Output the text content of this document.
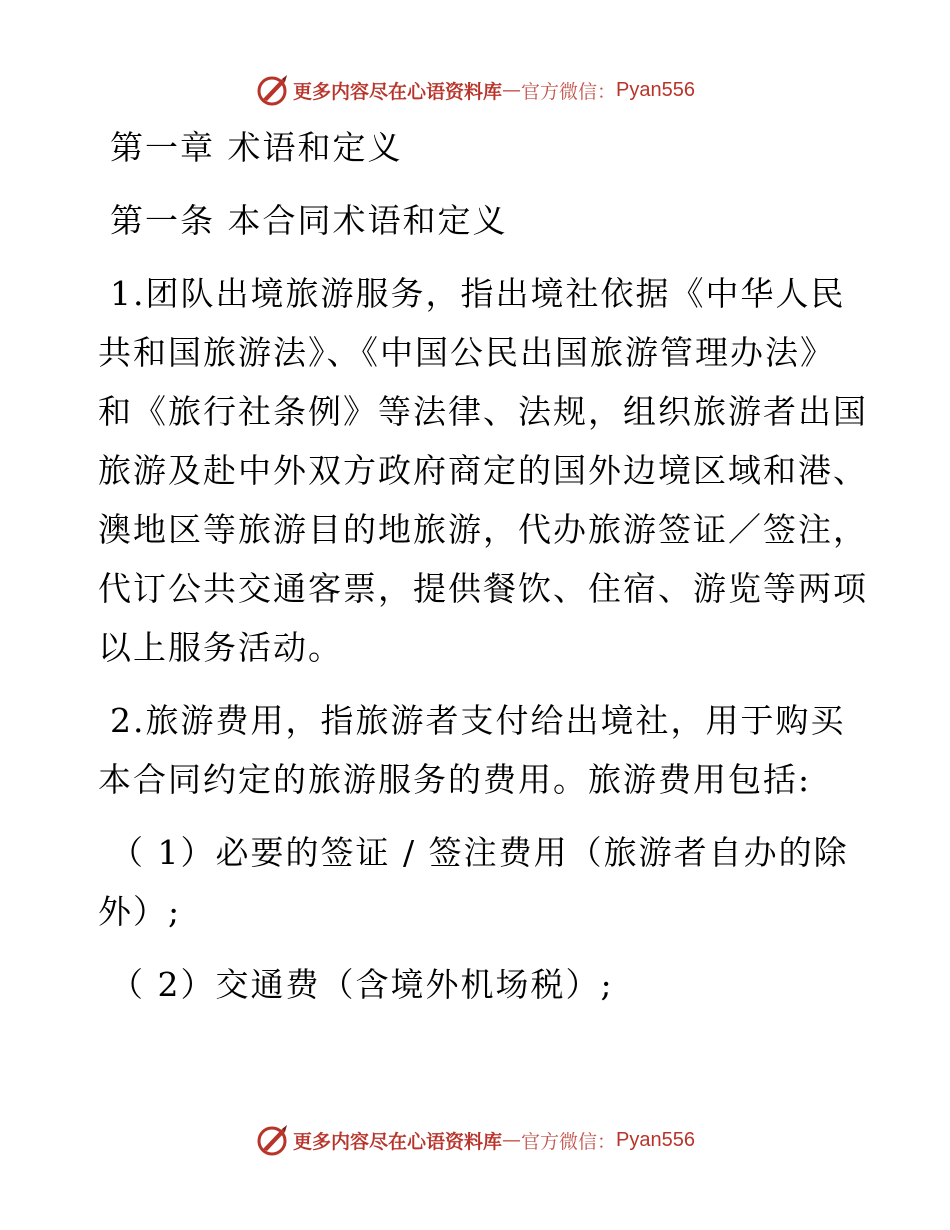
更多内容尽在心语资料库 — 官方微信： Pyan556
第一章 术语和定义
第一条 本合同术语和定义
1.团队出境旅游服务，指出境社依据《中华人民
共和国旅游法》、《中国公民出国旅游管理办法》
和《旅行社条例》等法律、法规，组织旅游者出国
旅游及赴中外双方政府商定的国外边境区域和港、
澳地区等旅游目的地旅游，代办旅游签证／签注，
代订公共交通客票，提供餐饮、住宿、游览等两项
以上服务活动。
2.旅游费用，指旅游者支付给出境社，用于购买
本合同约定的旅游服务的费用。旅游费用包括:
（ 1）必要的签证 / 签注费用（旅游者自办的除
外）;
（ 2）交通费（含境外机场税）;
更多内容尽在心语资料库 — 官方微信： Pyan556
